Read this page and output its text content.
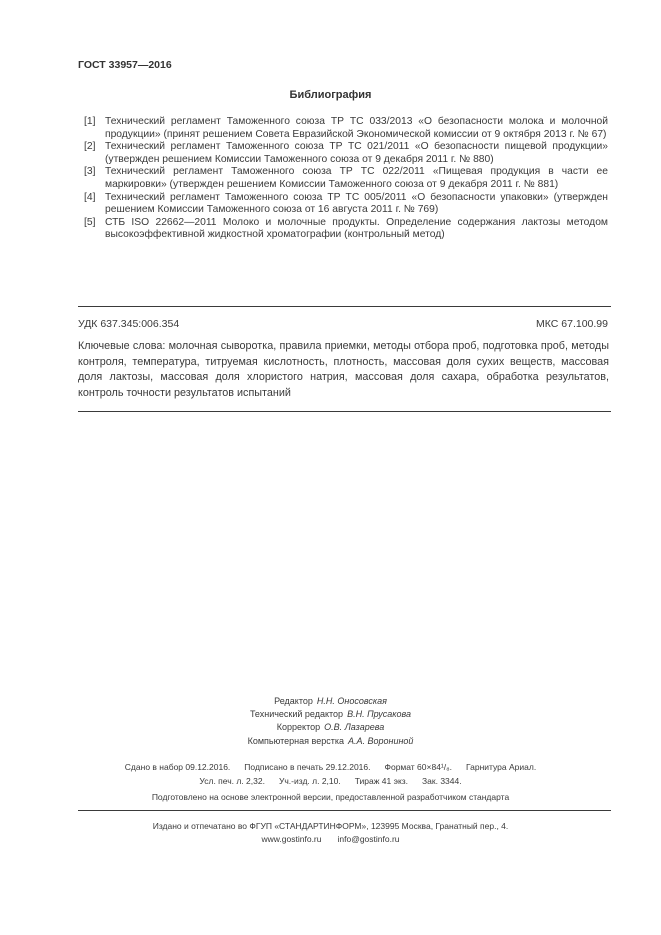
ГОСТ 33957—2016
Библиография
[1] Технический регламент Таможенного союза ТР ТС 033/2013 «О безопасности молока и молочной продукции» (принят решением Совета Евразийской Экономической комиссии от 9 октября 2013 г. № 67)
[2] Технический регламент Таможенного союза ТР ТС 021/2011 «О безопасности пищевой продукции» (утвержден решением Комиссии Таможенного союза от 9 декабря 2011 г. № 880)
[3] Технический регламент Таможенного союза ТР ТС 022/2011 «Пищевая продукция в части ее маркировки» (утвержден решением Комиссии Таможенного союза от 9 декабря 2011 г. № 881)
[4] Технический регламент Таможенного союза ТР ТС 005/2011 «О безопасности упаковки» (утвержден решением Комиссии Таможенного союза от 16 августа 2011 г. № 769)
[5] СТБ ISO 22662—2011 Молоко и молочные продукты. Определение содержания лактозы методом высокоэффективной жидкостной хроматографии (контрольный метод)
УДК 637.345:006.354	МКС 67.100.99

Ключевые слова: молочная сыворотка, правила приемки, методы отбора проб, подготовка проб, методы контроля, температура, титруемая кислотность, плотность, массовая доля сухих веществ, массовая доля лактозы, массовая доля хлористого натрия, массовая доля сахара, обработка результатов, контроль точности результатов испытаний

Редактор Н.Н. Оносовская
Технический редактор В.Н. Прусакова
Корректор О.В. Лазарева
Компьютерная верстка А.А. Ворониной
Сдано в набор 09.12.2016. Подписано в печать 29.12.2016. Формат 60×84¹/₈. Гарнитура Ариал.
Усл. печ. л. 2,32. Уч.-изд. л. 2,10. Тираж 41 экз. Зак. 3344.
Подготовлено на основе электронной версии, предоставленной разработчиком стандарта
Издано и отпечатано во ФГУП «СТАНДАРТИНФОРМ», 123995 Москва, Гранатный пер., 4.
www.gostinfo.ru info@gostinfo.ru
